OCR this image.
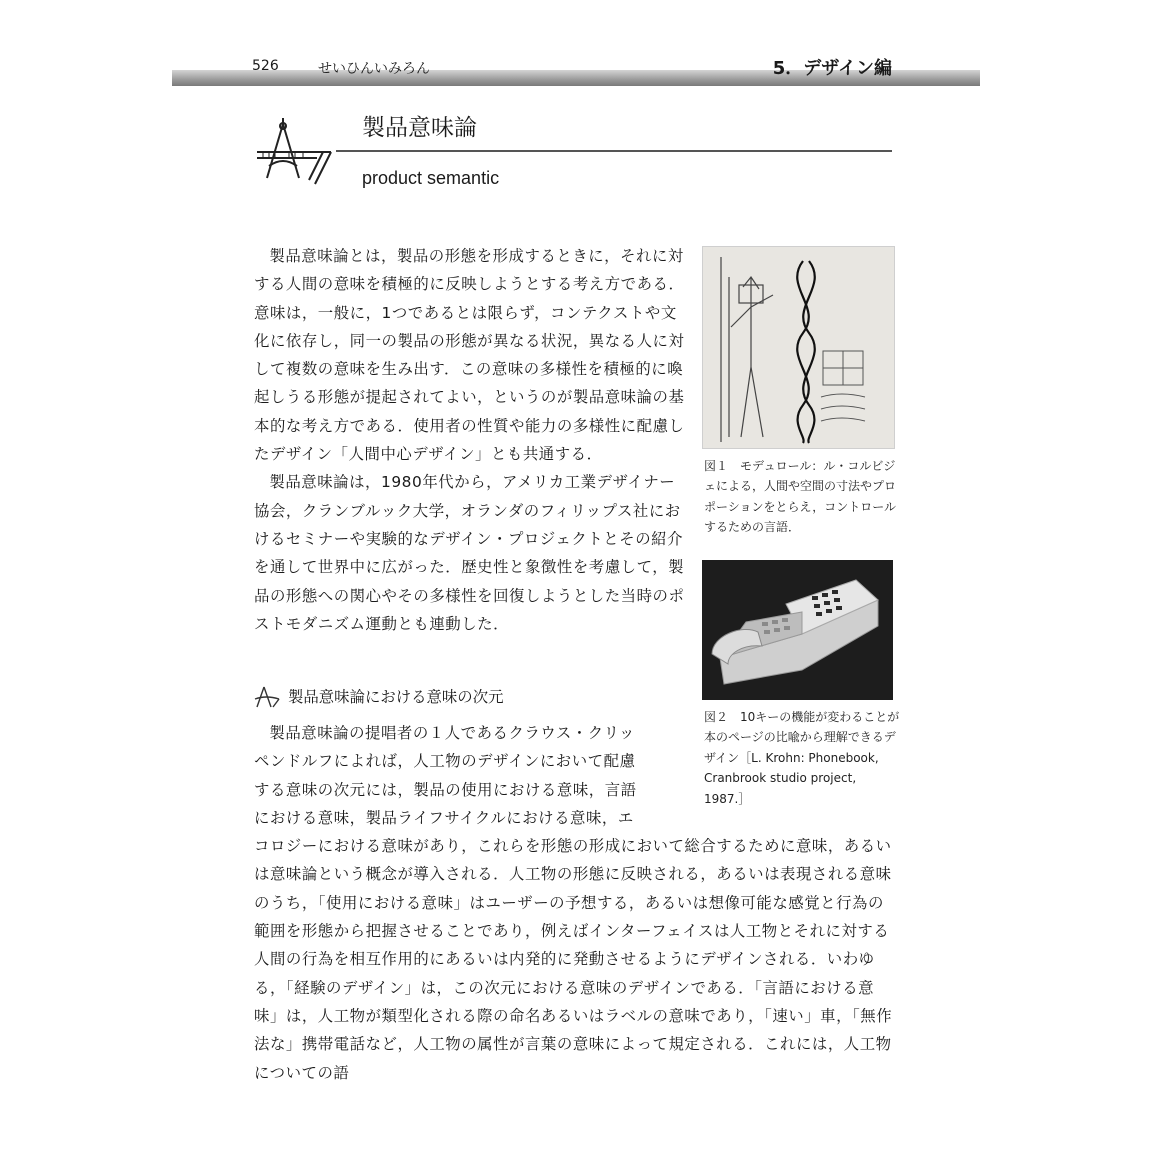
526	せいひんいみろん	5．デザイン編
製品意味論
product semantic

製品意味論とは，製品の形態を形成するときに，それに対する人間の意味を積極的に反映しようとする考え方である．意味は，一般に，1つであるとは限らず，コンテクストや文化に依存し，同一の製品の形態が異なる状況，異なる人に対して複数の意味を生み出す．この意味の多様性を積極的に喚起しうる形態が提起されてよい，というのが製品意味論の基本的な考え方である．使用者の性質や能力の多様性に配慮したデザイン「人間中心デザイン」とも共通する．

製品意味論は，1980年代から，アメリカ工業デザイナー協会，クランブルック大学，オランダのフィリップス社におけるセミナーや実験的なデザイン・プロジェクトとその紹介を通して世界中に広がった．歴史性と象徴性を考慮して，製品の形態への関心やその多様性を回復しようとした当時のポストモダニズム運動とも連動した．

製品意味論における意味の次元
製品意味論の提唱者の１人であるクラウス・クリッ
ペンドルフによれば，人工物のデザインにおいて配慮
する意味の次元には，製品の使用における意味，言語
における意味，製品ライフサイクルにおける意味，エ
コロジーにおける意味があり，これらを形態の形成において総合するために意味，あるいは意味論という概念が導入される．人工物の形態に反映される，あるいは表現される意味のうち，「使用における意味」はユーザーの予想する，あるいは想像可能な感覚と行為の範囲を形態から把握させることであり，例えばインターフェイスは人工物とそれに対する人間の行為を相互作用的にあるいは内発的に発動させるようにデザインされる．いわゆる，「経験のデザイン」は，この次元における意味のデザインである．「言語における意味」は，人工物が類型化される際の命名あるいはラベルの意味であり，「速い」車，「無作法な」携帯電話など，人工物の属性が言葉の意味によって規定される．これには，人工物についての語
図１　モデュロール：ル・コルビジェによる，人間や空間の寸法やプロポーションをとらえ，コントロールするための言語．
図２　10キーの機能が変わることが本のページの比喩から理解できるデザイン［L. Krohn: Phonebook, Cranbrook studio project, 1987.］
